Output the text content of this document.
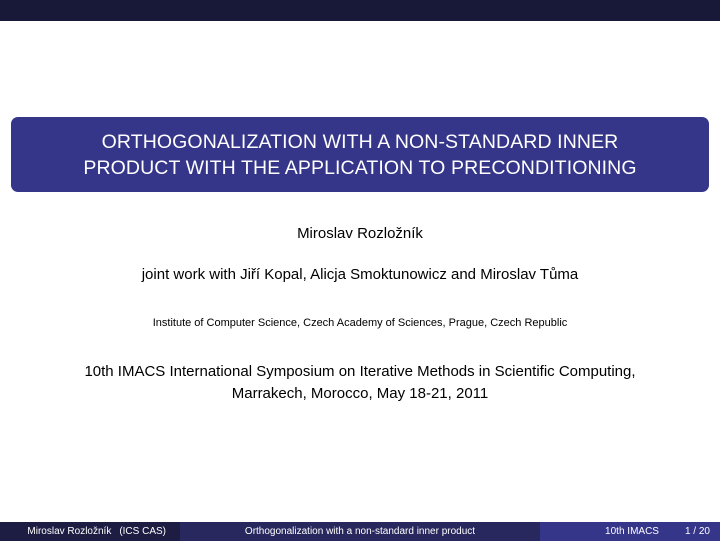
ORTHOGONALIZATION WITH A NON-STANDARD INNER
PRODUCT WITH THE APPLICATION TO PRECONDITIONING
Miroslav Rozložník
joint work with Jiří Kopal, Alicja Smoktunowicz and Miroslav Tůma
Institute of Computer Science, Czech Academy of Sciences, Prague, Czech Republic
10th IMACS International Symposium on Iterative Methods in Scientific Computing,
Marrakech, Morocco, May 18-21, 2011
Miroslav Rozložník (ICS CAS)	Orthogonalization with a non-standard inner product	10th IMACS	1 / 20
